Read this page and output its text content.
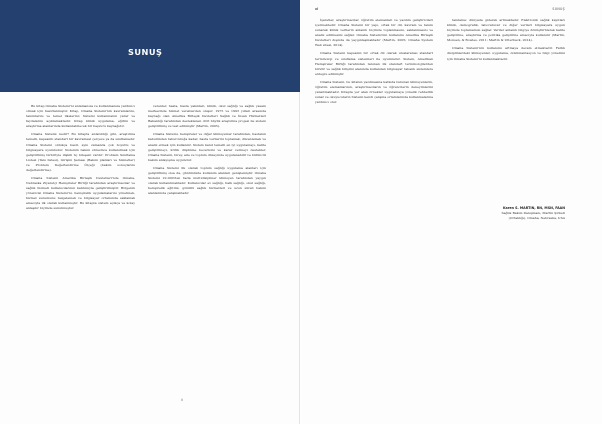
SUNUŞ

Bu kitap Omaha Sistemi'ni anlamanıza ve kullanmanıza yardımcı olmak için hazırlanmıştır. Kitap, Omaha Sistemi'nin kavramlarını, tanımlarını ve temel ilkelerini; Sistemi kullanmanın yarar ve faydalarını açıklamaktadır. Kitap klinik uygulama, eğitim ve araştırma alanlarında kullanılabilecek bir başvuru kaynağıdır.

Omaha Sistemi nedir? Bu kitapta anlatıldığı gibi, araştırma temelli, kapsamlı standart bir kavramsal çerçeve ya da sınıflamadır. Omaha Sistemi oldukça basit, aynı zamanda çok boyutlu ve bilgisayara uyumludur. Sistemin bakım süresince kullanılmak için geliştirilmiş birbiriyle ilişkili üç bileşeni vardır: Problem Sınıflama Listesi (Tanı listesi), Girişim Şeması (Bakım planları ve hizmetler) ve Problem Değerlendirme Ölçeği (bakım sonuçlarını değerlendirme).

Omaha Sistemi Amerika Birleşik Devletleri'nde Omaha, Nebraska Ziyaretçi Hemşireler Birliği tarafından araştırmacılar ve sağlık hizmeti kullanıcılarının katılımıyla geliştirilmiştir. Bölgenin yöneticisi Omaha Sistemi'ni, hemşirelik uygulamalarını yönetmek, hizmet sunumunu belgelemek ve bilgisayar ortamında saklamak amacıyla ilk olarak kullanmıştır. Bu kitapta sistem açıkça ve kolay anlaşılır biçimde sunulmuştur.

verenler, hasta, hasta yakınları, klinik, okul sağlığı ve sağlık yasam merkezinde hizmet verenlerden oluşur. 1975 ve 1993 yılları arasında kaynağı olan Amerika Birleşik Devletleri Sağlık ve İnsan Hizmetleri Bakanlığı tarafından desteklenen dört büyük araştırma projesi ile sistem geliştirilmiş ve test edilmiştir (Martin, 2005).

Omaha Sistemi, hemşireler ve diğer klinisyenler tarafından, hastanın kabulünden taburculuğa kadar, hasta verilerini toplamak, düzenlemek ve analiz etmek için kullanılır. Sistem kanıt temelli en iyi uygulamayı, kalite geliştirmeyi, kritik düşünme becerisini ve karar vermeyi destekler. Omaha Sistemi, birey, aile ve toplum düzeyinde uygulanabilir ve bütüncül bakım anlayışına uygundur.

Omaha Sistemi ilk olarak toplum sağlığı uygulama alanları için geliştirilmiş olsa da, günümüzde kullanım alanları genişlemiştir. Omaha Sistemi 22.000'den fazla multidisipliner klinisyen tarafından yaygın olarak kullanılmaktadır. Kullanıcılar ev sağlığı, halk sağlığı, okul sağlığı, hemşirelik eğitimi, gönüllü sağlık hizmetleri ve uzun süreli bakım alanlarında çalışmaktadır.

ii
xi	SUNUŞ

İşaretler, araştırmacılar, öğretim elemanları ve yazılım geliştiricileri içermektedir. Omaha Sistemi bir yapı, ortak bir dil, kavram ve tanım sunarak klinik verilerin anlamlı biçimde toplanmasını, saklanmasını ve analiz edilmesini sağlar. Omaha Sistemi'nin kullanımı Amerika Birleşik Devletleri dışında da yaygınlaşmaktadır (Martin, 2005; Omaha System Web sitesi, 2014).

Omaha Sistemi kapsamlı bir ortak dil olarak uluslararası standart terminoloji ve sınıflama sistemleri ile uyumludur. Sistem, Amerikan Hemşireler Birliği tarafından tanınan ilk standart terminolojilerden biridir ve sağlık bilişimi alanında kullanılan bilgisayar tabanlı sistemlere entegre edilmiştir.

Omaha Sistemi, bu kitabın yazılmasına katkıda bulunan klinisyenlerin, öğretim elemanlarının, araştırmacıların ve öğrencilerin deneyimlerini yansıtmaktadır. Kitapta yer alan örnekler uygulamaya yönelik rehberlik sunar ve okuyucuların Sistemi kendi çalışma ortamlarında kullanmalarına yardımcı olur.

tanılama: dünyada giderek artmaktadır. Elektronik sağlık kayıtları klinik, demografik, laboratuvar ve diğer verileri bilgisayara uygun biçimde toplamamızı sağlar. Veriler anlamlı bilgiye dönüştürülerek kalite geliştirme, araştırma ve politika geliştirme amacıyla kullanılır (Martin, Monsen, & Bowles, 2011; Martin & Utterback, 2014).

Omaha Sistemi'nin kullanımı artmaya devam etmektedir. Farklı disiplinlerdeki klinisyenler, uygulama, dokümantasyon ve bilgi yönetimi için Omaha Sistemi'ni kullanmaktadır.

Karen S. MARTIN, RN, MSN, FAAN
Sağlık Bakım Danışmanı, Martin Şirketi
(Ortaklığı), Omaha, Nebraska, USA
